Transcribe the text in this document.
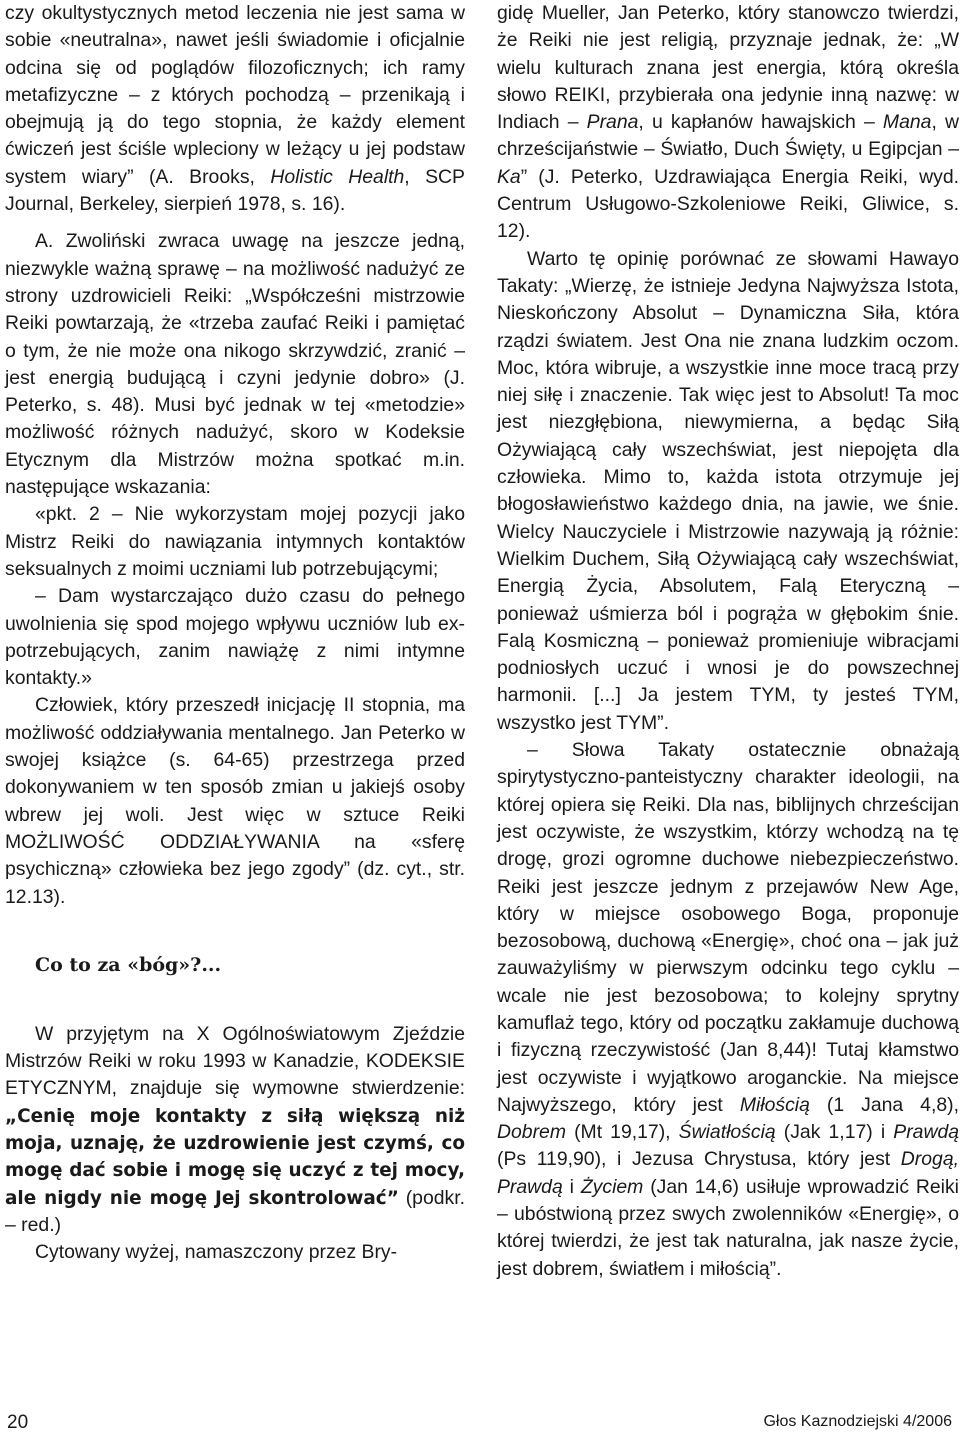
czy okultystycznych metod leczenia nie jest sama w sobie «neutralna», nawet jeśli świadomie i oficjalnie odcina się od poglądów filozoficznych; ich ramy metafizyczne – z których pochodzą – przenikają i obejmują ją do tego stopnia, że każdy element ćwiczeń jest ściśle wpleciony w leżący u jej podstaw system wiary” (A. Brooks, Holistic Health, SCP Journal, Berkeley, sierpień 1978, s. 16).

A. Zwoliński zwraca uwagę na jeszcze jedną, niezwykle ważną sprawę – na możliwość nadużyć ze strony uzdrowicieli Reiki: „Współcześni mistrzowie Reiki powtarzają, że «trzeba zaufać Reiki i pamiętać o tym, że nie może ona nikogo skrzywdzić, zranić – jest energią budującą i czyni jedynie dobro» (J. Peterko, s. 48). Musi być jednak w tej «metodzie» możliwość różnych nadużyć, skoro w Kodeksie Etycznym dla Mistrzów można spotkać m.in. następujące wskazania:

«pkt. 2 – Nie wykorzystam mojej pozycji jako Mistrz Reiki do nawiązania intymnych kontaktów seksualnych z moimi uczniami lub potrzebującymi;

– Dam wystarczająco dużo czasu do pełnego uwolnienia się spod mojego wpływu uczniów lub ex-potrzebujących, zanim nawiążę z nimi intymne kontakty.»

Człowiek, który przeszedł inicjację II stopnia, ma możliwość oddziaływania mentalnego. Jan Peterko w swojej książce (s. 64-65) przestrzega przed dokonywaniem w ten sposób zmian u jakiejś osoby wbrew jej woli. Jest więc w sztuce Reiki MOŻLIWOŚĆ ODDZIAŁYWANIA na «sferę psychiczną» człowieka bez jego zgody” (dz. cyt., str. 12.13).

Co to za «bóg»?...

W przyjętym na X Ogólnoświatowym Zjeździe Mistrzów Reiki w roku 1993 w Kanadzie, KODEKSIE ETYCZNYM, znajduje się wymowne stwierdzenie: „Cenię moje kontakty z siłą większą niż moja, uznaję, że uzdrowienie jest czymś, co mogę dać sobie i mogę się uczyć z tej mocy, ale nigdy nie mogę Jej skontrolować” (podkr. – red.)

Cytowany wyżej, namaszczony przez Bry-

gidę Mueller, Jan Peterko, który stanowczo twierdzi, że Reiki nie jest religią, przyznaje jednak, że: „W wielu kulturach znana jest energia, którą określa słowo REIKI, przybierała ona jedynie inną nazwę: w Indiach – Prana, u kapłanów hawajskich – Mana, w chrześcijaństwie – Światło, Duch Święty, u Egipcjan – Ka” (J. Peterko, Uzdrawiająca Energia Reiki, wyd. Centrum Usługowo-Szkoleniowe Reiki, Gliwice, s. 12).

Warto tę opinię porównać ze słowami Hawayo Takaty: „Wierzę, że istnieje Jedyna Najwyższa Istota, Nieskończony Absolut – Dynamiczna Siła, która rządzi światem. Jest Ona nie znana ludzkim oczom. Moc, która wibruje, a wszystkie inne moce tracą przy niej siłę i znaczenie. Tak więc jest to Absolut! Ta moc jest niezgłębiona, niewymierna, a będąc Siłą Ożywiającą cały wszechświat, jest niepojęta dla człowieka. Mimo to, każda istota otrzymuje jej błogosławieństwo każdego dnia, na jawie, we śnie. Wielcy Nauczyciele i Mistrzowie nazywają ją różnie: Wielkim Duchem, Siłą Ożywiającą cały wszechświat, Energią Życia, Absolutem, Falą Eteryczną – ponieważ uśmierza ból i pogrąża w głębokim śnie. Falą Kosmiczną – ponieważ promieniuje wibracjami podniosłych uczuć i wnosi je do powszechnej harmonii. [...] Ja jestem TYM, ty jesteś TYM, wszystko jest TYM”.

– Słowa Takaty ostatecznie obnażają spirytystyczno-panteistyczny charakter ideologii, na której opiera się Reiki. Dla nas, biblijnych chrześcijan jest oczywiste, że wszystkim, którzy wchodzą na tę drogę, grozi ogromne duchowe niebezpieczeństwo. Reiki jest jeszcze jednym z przejawów New Age, który w miejsce osobowego Boga, proponuje bezosobową, duchową «Energię», choć ona – jak już zauważyliśmy w pierwszym odcinku tego cyklu – wcale nie jest bezosobowa; to kolejny sprytny kamuflaż tego, który od początku zakłamuje duchową i fizyczną rzeczywistość (Jan 8,44)! Tutaj kłamstwo jest oczywiste i wyjątkowo aroganckie. Na miejsce Najwyższego, który jest Miłością (1 Jana 4,8), Dobrem (Mt 19,17), Światłością (Jak 1,17) i Prawdą (Ps 119,90), i Jezusa Chrystusa, który jest Drogą, Prawdą i Życiem (Jan 14,6) usiłuje wprowadzić Reiki – ubóstwioną przez swych zwolenników «Energię», o której twierdzi, że jest tak naturalna, jak nasze życie, jest dobrem, światłem i miłością”.

20	Głos Kaznodziejski 4/2006
